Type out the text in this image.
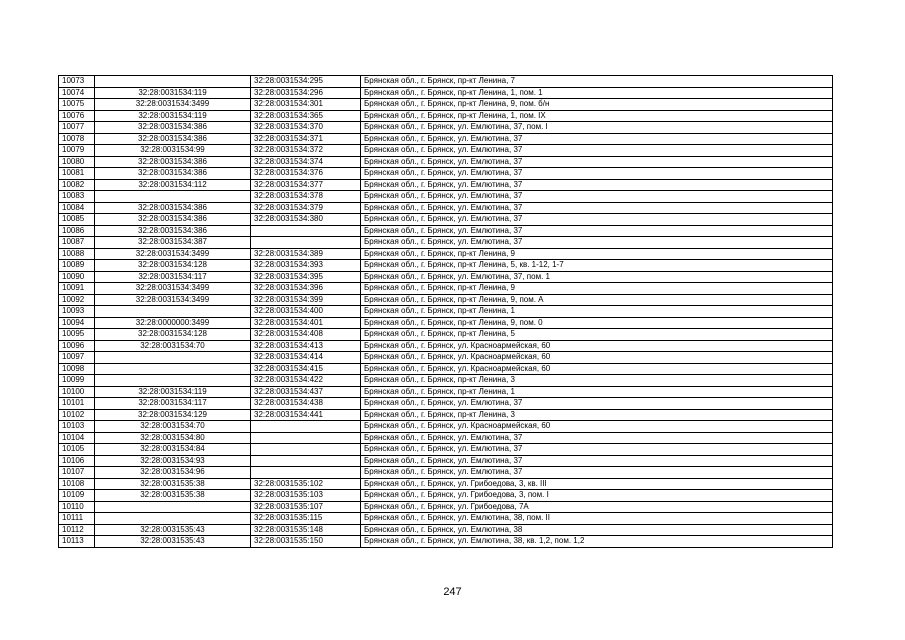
10073		32:28:0031534:295	Брянская обл., г. Брянск, пр-кт Ленина, 7
10074	32:28:0031534:119	32:28:0031534:296	Брянская обл., г. Брянск, пр-кт Ленина, 1, пом. 1
10075	32:28:0031534:3499	32:28:0031534:301	Брянская обл., г. Брянск, пр-кт Ленина, 9, пом. б/н
10076	32:28:0031534:119	32:28:0031534:365	Брянская обл., г. Брянск, пр-кт Ленина, 1, пом. IX
10077	32:28:0031534:386	32:28:0031534:370	Брянская обл., г. Брянск, ул. Емлютина, 37, пом. I
10078	32:28:0031534:386	32:28:0031534:371	Брянская обл., г. Брянск, ул. Емлютина, 37
10079	32:28:0031534:99	32:28:0031534:372	Брянская обл., г. Брянск, ул. Емлютина, 37
10080	32:28:0031534:386	32:28:0031534:374	Брянская обл., г. Брянск, ул. Емлютина, 37
10081	32:28:0031534:386	32:28:0031534:376	Брянская обл., г. Брянск, ул. Емлютина, 37
10082	32:28:0031534:112	32:28:0031534:377	Брянская обл., г. Брянск, ул. Емлютина, 37
10083		32:28:0031534:378	Брянская обл., г. Брянск, ул. Емлютина, 37
10084	32:28:0031534:386	32:28:0031534:379	Брянская обл., г. Брянск, ул. Емлютина, 37
10085	32:28:0031534:386	32:28:0031534:380	Брянская обл., г. Брянск, ул. Емлютина, 37
10086	32:28:0031534:386		Брянская обл., г. Брянск, ул. Емлютина, 37
10087	32:28:0031534:387		Брянская обл., г. Брянск, ул. Емлютина, 37
10088	32:28:0031534:3499	32:28:0031534:389	Брянская обл., г. Брянск, пр-кт Ленина, 9
10089	32:28:0031534:128	32:28:0031534:393	Брянская обл., г. Брянск, пр-кт Ленина, 5, кв. 1-12, 1-7
10090	32:28:0031534:117	32:28:0031534:395	Брянская обл., г. Брянск, ул. Емлютина, 37, пом. 1
10091	32:28:0031534:3499	32:28:0031534:396	Брянская обл., г. Брянск, пр-кт Ленина, 9
10092	32:28:0031534:3499	32:28:0031534:399	Брянская обл., г. Брянск, пр-кт Ленина, 9, пом. А
10093		32:28:0031534:400	Брянская обл., г. Брянск, пр-кт Ленина, 1
10094	32:28:0000000:3499	32:28:0031534:401	Брянская обл., г. Брянск, пр-кт Ленина, 9, пом. 0
10095	32:28:0031534:128	32:28:0031534:408	Брянская обл., г. Брянск, пр-кт Ленина, 5
10096	32:28:0031534:70	32:28:0031534:413	Брянская обл., г. Брянск, ул. Красноармейская, 60
10097		32:28:0031534:414	Брянская обл., г. Брянск, ул. Красноармейская, 60
10098		32:28:0031534:415	Брянская обл., г. Брянск, ул. Красноармейская, 60
10099		32:28:0031534:422	Брянская обл., г. Брянск, пр-кт Ленина, 3
10100	32:28:0031534:119	32:28:0031534:437	Брянская обл., г. Брянск, пр-кт Ленина, 1
10101	32:28:0031534:117	32:28:0031534:438	Брянская обл., г. Брянск, ул. Емлютина, 37
10102	32:28:0031534:129	32:28:0031534:441	Брянская обл., г. Брянск, пр-кт Ленина, 3
10103	32:28:0031534:70		Брянская обл., г. Брянск, ул. Красноармейская, 60
10104	32:28:0031534:80		Брянская обл., г. Брянск, ул. Емлютина, 37
10105	32:28:0031534:84		Брянская обл., г. Брянск, ул. Емлютина, 37
10106	32:28:0031534:93		Брянская обл., г. Брянск, ул. Емлютина, 37
10107	32:28:0031534:96		Брянская обл., г. Брянск, ул. Емлютина, 37
10108	32:28:0031535:38	32:28:0031535:102	Брянская обл., г. Брянск, ул. Грибоедова, 3, кв. III
10109	32:28:0031535:38	32:28:0031535:103	Брянская обл., г. Брянск, ул. Грибоедова, 3, пом. I
10110		32:28:0031535:107	Брянская обл., г. Брянск, ул. Грибоедова, 7А
10111		32:28:0031535:115	Брянская обл., г. Брянск, ул. Емлютина, 38, пом. II
10112	32:28:0031535:43	32:28:0031535:148	Брянская обл., г. Брянск, ул. Емлютина, 38
10113	32:28:0031535:43	32:28:0031535:150	Брянская обл., г. Брянск, ул. Емлютина, 38, кв. 1,2, пом. 1,2
247
